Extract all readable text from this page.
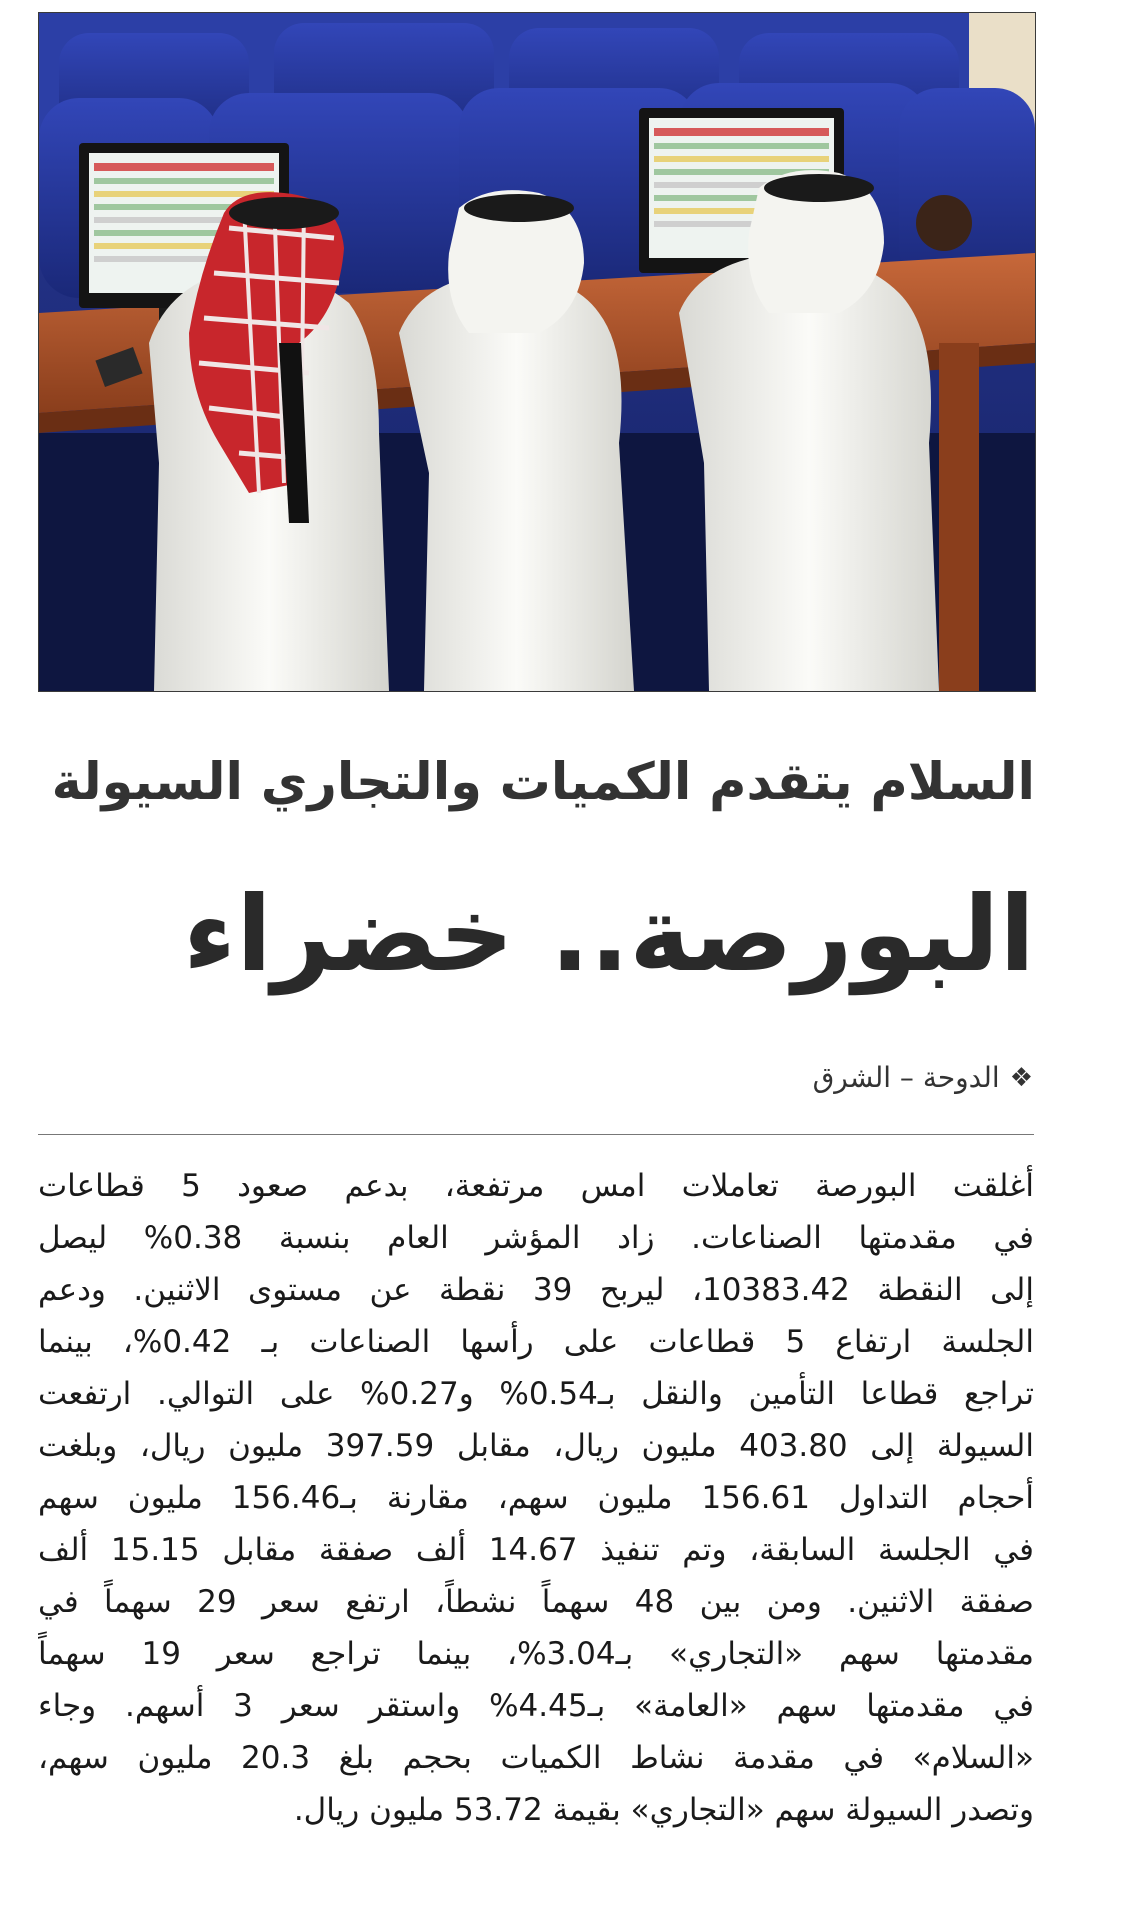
السلام يتقدم الكميات والتجاري السيولة
البورصة.. خضراء
❖
الدوحة – الشرق
أغلقت البورصة تعاملات امس مرتفعة، بدعم صعود 5 قطاعات
في مقدمتها الصناعات. زاد المؤشر العام بنسبة 0.38% ليصل
إلى النقطة 10383.42، ليربح 39 نقطة عن مستوى الاثنين. ودعم
الجلسة ارتفاع 5 قطاعات على رأسها الصناعات بـ 0.42%، بينما
تراجع قطاعا التأمين والنقل بـ0.54% و0.27% على التوالي. ارتفعت
السيولة إلى 403.80 مليون ريال، مقابل 397.59 مليون ريال، وبلغت
أحجام التداول 156.61 مليون سهم، مقارنة بـ156.46 مليون سهم
في الجلسة السابقة، وتم تنفيذ 14.67 ألف صفقة مقابل 15.15 ألف
صفقة الاثنين. ومن بين 48 سهماً نشطاً، ارتفع سعر 29 سهماً في
مقدمتها سهم «التجاري» بـ3.04%، بينما تراجع سعر 19 سهماً
في مقدمتها سهم «العامة» بـ4.45% واستقر سعر 3 أسهم. وجاء
«السلام» في مقدمة نشاط الكميات بحجم بلغ 20.3 مليون سهم،
وتصدر السيولة سهم «التجاري» بقيمة 53.72 مليون ريال.
